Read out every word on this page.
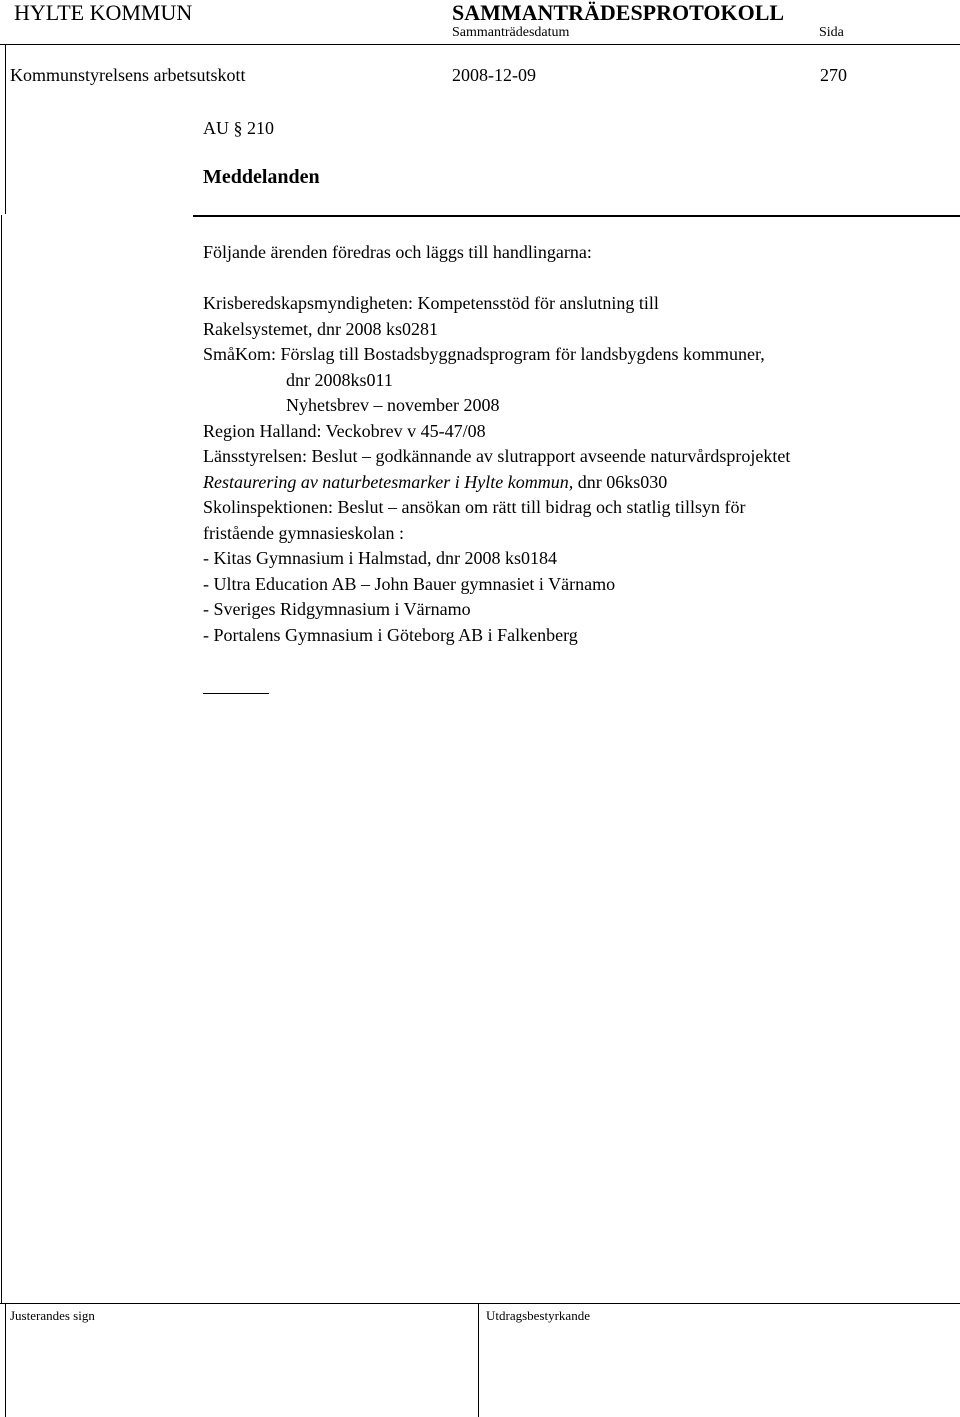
HYLTE KOMMUN	SAMMANTRÄDESPROTOKOLL
Sammanträdesdatum	Sida
Kommunstyrelsens arbetsutskott	2008-12-09	270
AU § 210
Meddelanden
Följande ärenden föredras och läggs till handlingarna:
Krisberedskapsmyndigheten: Kompetensstöd för anslutning till
Rakelsystemet, dnr 2008 ks0281
SmåKom: Förslag till Bostadsbyggnadsprogram för landsbygdens kommuner,
dnr 2008ks011
Nyhetsbrev – november 2008
Region Halland: Veckobrev v 45-47/08
Länsstyrelsen: Beslut – godkännande av slutrapport avseende naturvårdsprojektet
Restaurering av naturbetesmarker i Hylte kommun, dnr 06ks030
Skolinspektionen: Beslut – ansökan om rätt till bidrag och statlig tillsyn för
fristående gymnasieskolan :
- Kitas Gymnasium i Halmstad, dnr 2008 ks0184
- Ultra Education AB – John Bauer gymnasiet i Värnamo
- Sveriges Ridgymnasium i Värnamo
- Portalens Gymnasium i Göteborg AB i Falkenberg
Justerandes sign	Utdragsbestyrkande
